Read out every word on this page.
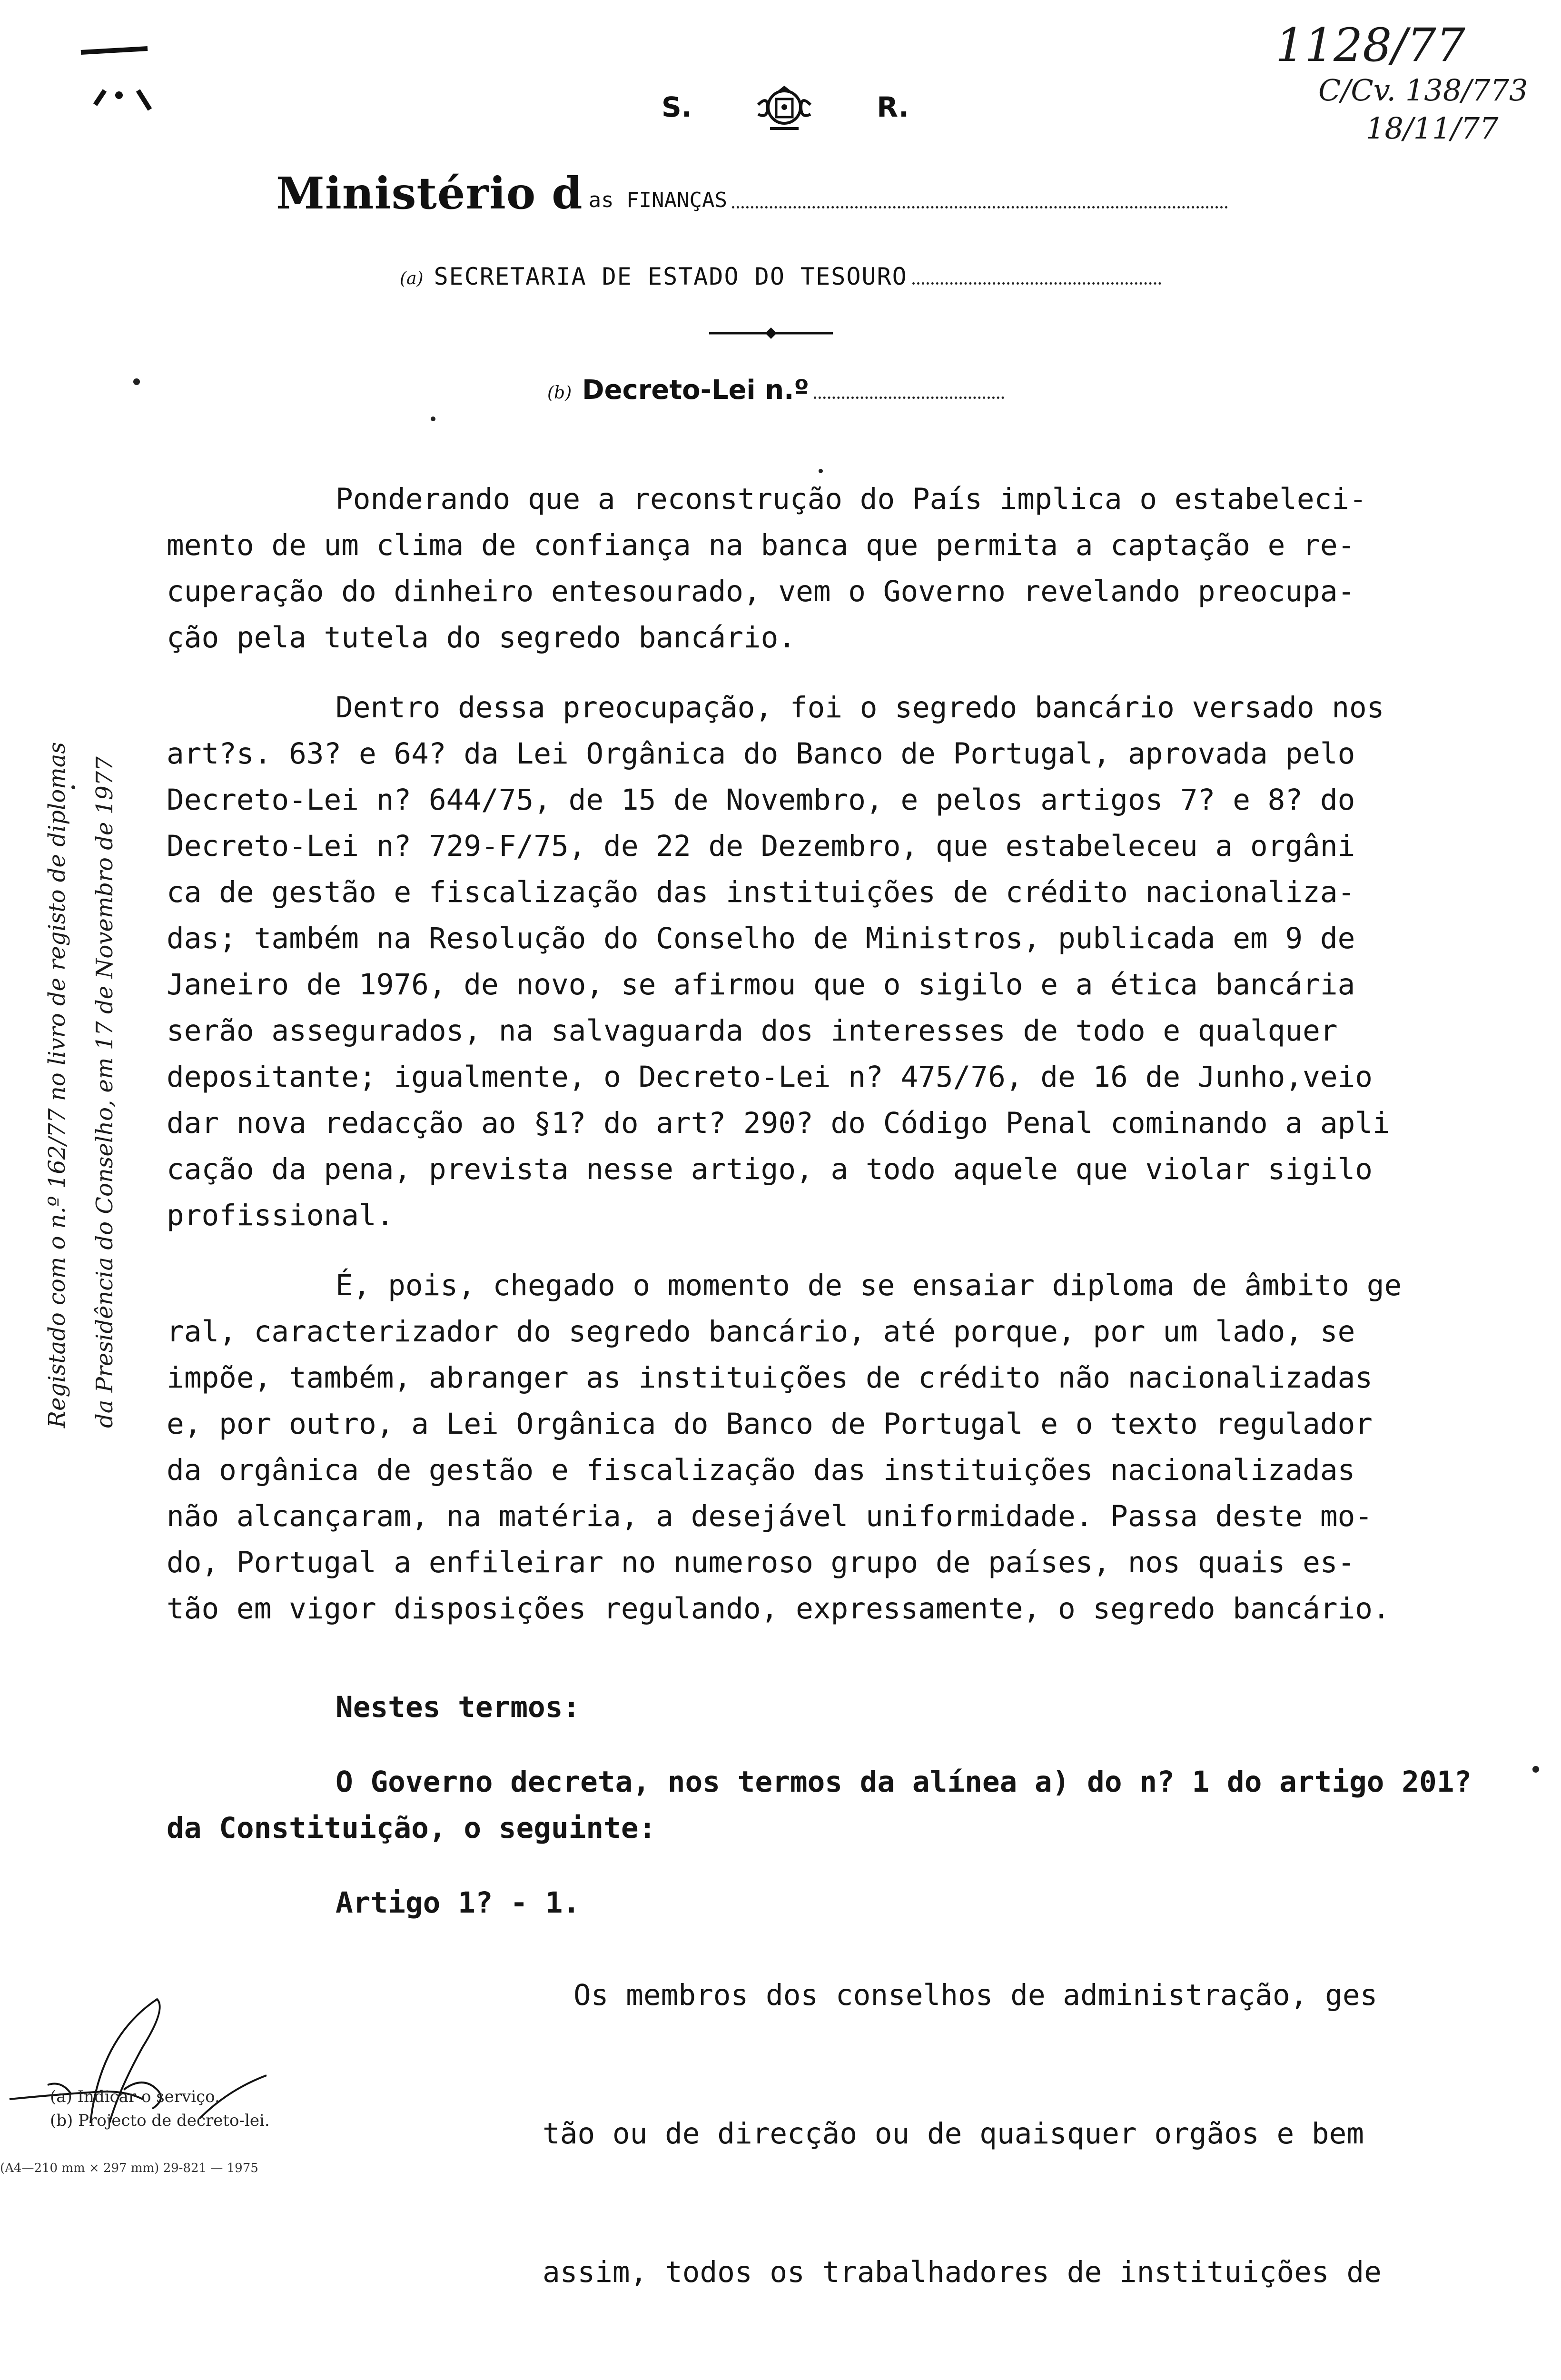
1128/77
C/Cv. 138/773
18/11/77
S.	R.
Ministério d as FINANÇAS
(a) SECRETARIA DE ESTADO DO TESOURO
(b) Decreto-Lei n.º
Registado com o n.º 162/77 no livro de registo de diplomas da Presidência do Conselho, em 17 de Novembro de 1977
Ponderando que a reconstrução do País implica o estabeleci-
mento de um clima de confiança na banca que permita a captação e re-
cuperação do dinheiro entesourado, vem o Governo revelando preocupa-
ção pela tutela do segredo bancário.
Dentro dessa preocupação, foi o segredo bancário versado nos
art?s. 63? e 64? da Lei Orgânica do Banco de Portugal, aprovada pelo
Decreto-Lei n? 644/75, de 15 de Novembro, e pelos artigos 7? e 8? do
Decreto-Lei n? 729-F/75, de 22 de Dezembro, que estabeleceu a orgâni
ca de gestão e fiscalização das instituições de crédito nacionaliza-
das; também na Resolução do Conselho de Ministros, publicada em 9 de
Janeiro de 1976, de novo, se afirmou que o sigilo e a ética bancária
serão assegurados, na salvaguarda dos interesses de todo e qualquer
depositante; igualmente, o Decreto-Lei n? 475/76, de 16 de Junho,veio
dar nova redacção ao §1? do art? 290? do Código Penal cominando a apli
cação da pena, prevista nesse artigo, a todo aquele que violar sigilo
profissional.
É, pois, chegado o momento de se ensaiar diploma de âmbito ge
ral, caracterizador do segredo bancário, até porque, por um lado, se
impõe, também, abranger as instituições de crédito não nacionalizadas
e, por outro, a Lei Orgânica do Banco de Portugal e o texto regulador
da orgânica de gestão e fiscalização das instituições nacionalizadas
não alcançaram, na matéria, a desejável uniformidade. Passa deste mo-
do, Portugal a enfileirar no numeroso grupo de países, nos quais es-
tão em vigor disposições regulando, expressamente, o segredo bancário.
Nestes termos:
O Governo decreta, nos termos da alínea a) do n? 1 do artigo 201? da Constituição, o seguinte:
Artigo 1? - 1.

Os membros dos conselhos de administração, ges

tão ou de direcção ou de quaisquer orgãos e bem

assim, todos os trabalhadores de instituições de

(a) Indicar o serviço.
(b) Projecto de decreto-lei.
(A4—210 mm × 297 mm) 29-821 — 1975
